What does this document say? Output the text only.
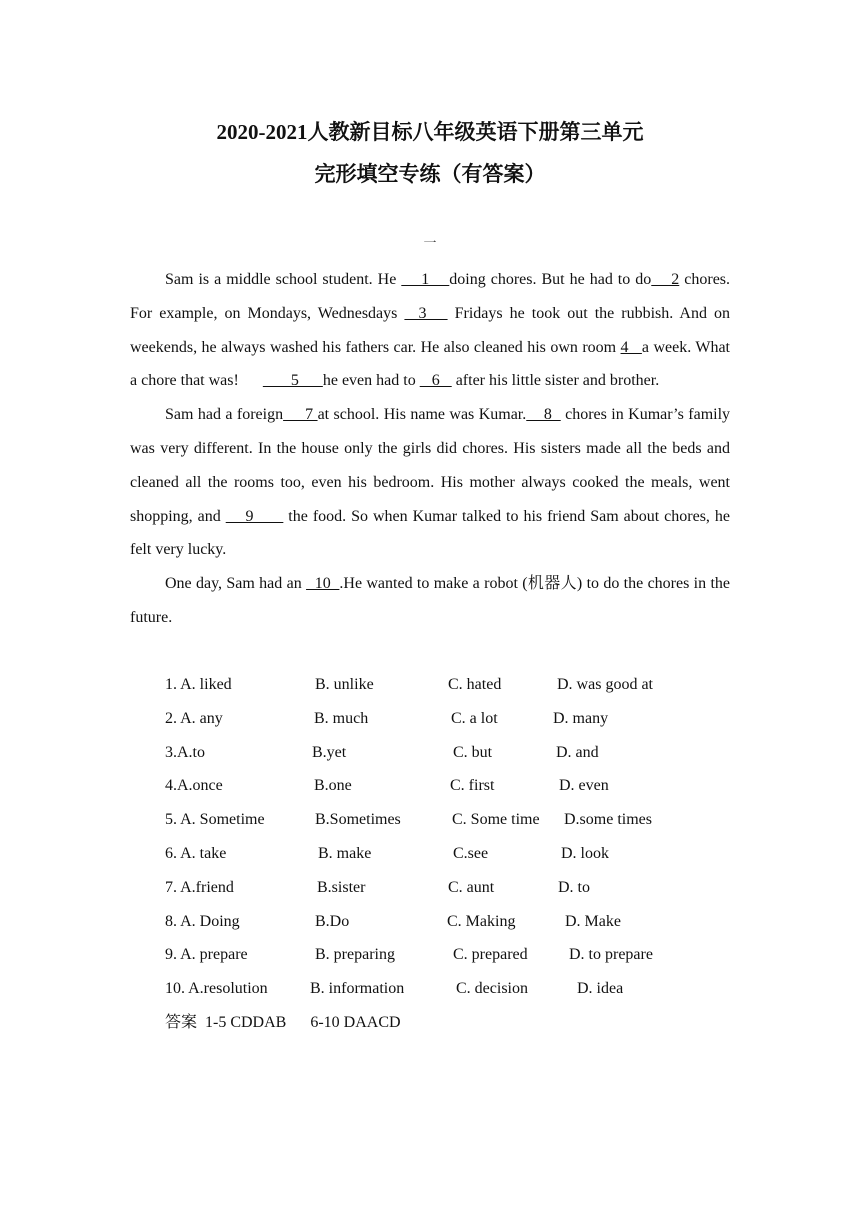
2020-2021人教新目标八年级英语下册第三单元
完形填空专练（有答案）
一

Sam is a middle school student. He     1    doing chores. But he had to do    2 chores. For example, on Mondays, Wednesdays   3    Fridays he took out the rubbish. And on weekends, he always washed his fathers car. He also cleaned his own room 4   a week. What a chore that was!             5      he even had to    6    after his little sister and brother.

Sam had a foreign     7 at school. His name was Kumar.    8   chores in Kumar’s family was very different. In the house only the girls did chores. His sisters made all the beds and cleaned all the rooms too, even his bedroom. His mother always cooked the meals, went shopping, and     9       the food. So when Kumar talked to his friend Sam about chores, he felt very lucky.

One day, Sam had an   10  .He wanted to make a robot (机器人) to do the chores in the future.

1. A. liked	B. unlike	C. hated	D. was good at
2. A. any	B. much	C. a lot	D. many
3.A.to	B.yet	C. but	D. and
4.A.once	B.one	C. first	D. even
5. A. Sometime	B.Sometimes	C. Some time D.some times
6. A. take	B. make	C.see	D. look
7. A.friend	B.sister	C. aunt	D. to
8. A. Doing	B.Do	C. Making	D. Make
9. A. prepare	B. preparing	C. prepared	D. to prepare
10. A.resolution	B. information	C. decision	D. idea
答案  1-5 CDDAB      6-10 DAACD
